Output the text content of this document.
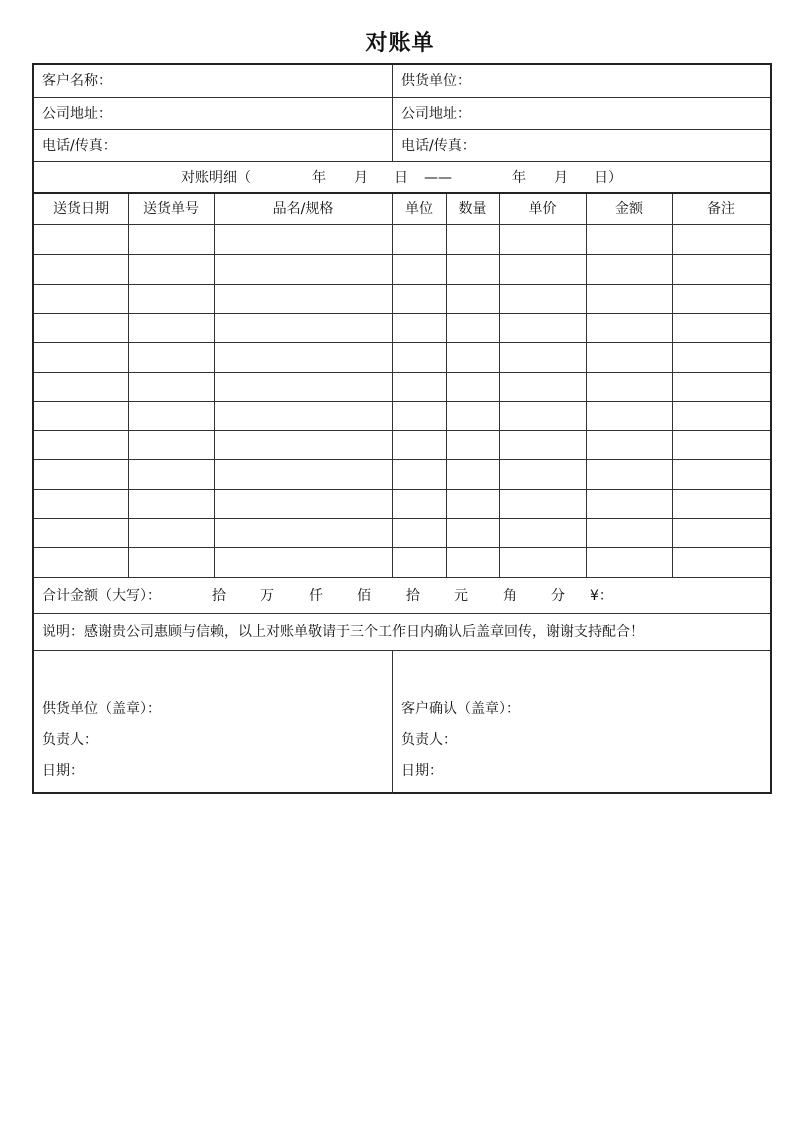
对账单
客户名称：	供货单位：
公司地址：	公司地址：
电话/传真：	电话/传真：
对账明细（	年 月 日 ——	年 月 日）
送货日期	送货单号	品名/规格	单位	数量	单价	金额	备注
合计金额（大写）：	拾 万	仟 佰	拾 元	角 分 ¥：
说明：感谢贵公司惠顾与信赖，以上对账单敬请于三个工作日内确认后盖章回传，谢谢支持配合！
供货单位（盖章）：
负责人：
日期：
客户确认（盖章）：
负责人：
日期：
